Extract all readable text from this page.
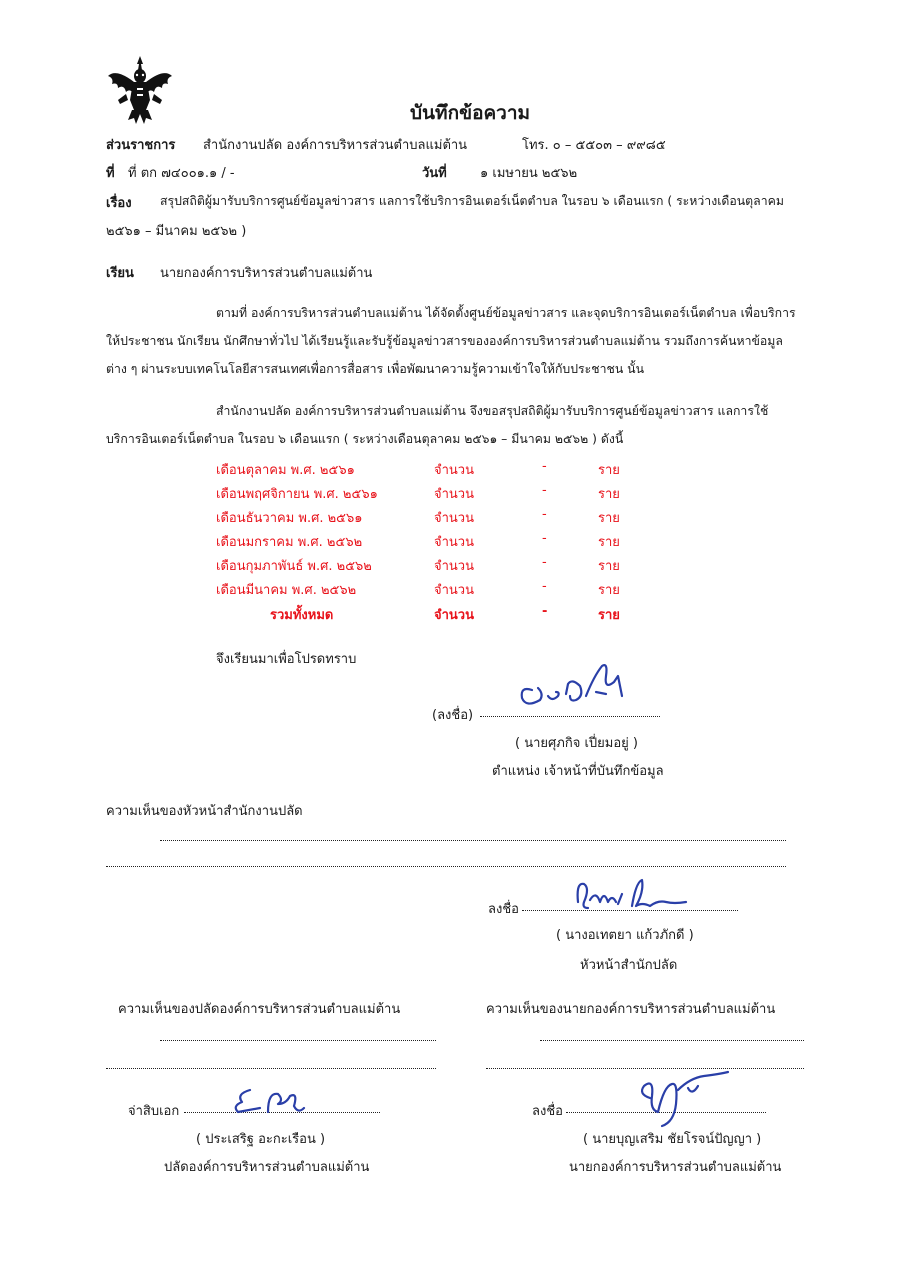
บันทึกข้อความ
ส่วนราชการ สำนักงานปลัด องค์การบริหารส่วนตำบลแม่ต้าน	โทร. ๐ – ๕๕๐๓ – ๙๙๘๕
ที่ ที่ ตก ๗๔๐๐๑.๑ / -	วันที่	๑ เมษายน ๒๕๖๒
เรื่อง สรุปสถิติผู้มารับบริการศูนย์ข้อมูลข่าวสาร แลการใช้บริการอินเตอร์เน็ตตำบล ในรอบ ๖ เดือนแรก ( ระหว่างเดือนตุลาคม
๒๕๖๑ – มีนาคม ๒๕๖๒ )
เรียน นายกองค์การบริหารส่วนตำบลแม่ต้าน
ตามที่ องค์การบริหารส่วนตำบลแม่ต้าน ได้จัดตั้งศูนย์ข้อมูลข่าวสาร และจุดบริการอินเตอร์เน็ตตำบล เพื่อบริการ
ให้ประชาชน นักเรียน นักศึกษาทั่วไป ได้เรียนรู้และรับรู้ข้อมูลข่าวสารขององค์การบริหารส่วนตำบลแม่ต้าน รวมถึงการค้นหาข้อมูล
ต่าง ๆ ผ่านระบบเทคโนโลยีสารสนเทศเพื่อการสื่อสาร เพื่อพัฒนาความรู้ความเข้าใจให้กับประชาชน นั้น
สำนักงานปลัด องค์การบริหารส่วนตำบลแม่ต้าน จึงขอสรุปสถิติผู้มารับบริการศูนย์ข้อมูลข่าวสาร แลการใช้
บริการอินเตอร์เน็ตตำบล ในรอบ ๖ เดือนแรก ( ระหว่างเดือนตุลาคม ๒๕๖๑ – มีนาคม ๒๕๖๒ ) ดังนี้
เดือนตุลาคม พ.ศ. ๒๕๖๑	จำนวน	-	ราย
เดือนพฤศจิกายน พ.ศ. ๒๕๖๑	จำนวน	-	ราย
เดือนธันวาคม พ.ศ. ๒๕๖๑	จำนวน	-	ราย
เดือนมกราคม พ.ศ. ๒๕๖๒	จำนวน	-	ราย
เดือนกุมภาพันธ์ พ.ศ. ๒๕๖๒	จำนวน	-	ราย
เดือนมีนาคม พ.ศ. ๒๕๖๒	จำนวน	-	ราย
รวมทั้งหมด	จำนวน	-	ราย
จึงเรียนมาเพื่อโปรดทราบ
(ลงชื่อ)
( นายศุภกิจ เปี่ยมอยู่ )
ตำแหน่ง เจ้าหน้าที่บันทึกข้อมูล
ความเห็นของหัวหน้าสำนักงานปลัด
ลงชื่อ
( นางอเทตยา แก้วภักดี )
หัวหน้าสำนักปลัด
ความเห็นของปลัดองค์การบริหารส่วนตำบลแม่ต้าน
จ่าสิบเอก
( ประเสริฐ อะกะเรือน )
ปลัดองค์การบริหารส่วนตำบลแม่ต้าน
ความเห็นของนายกองค์การบริหารส่วนตำบลแม่ต้าน
ลงชื่อ
( นายบุญเสริม ชัยโรจน์ปัญญา )
นายกองค์การบริหารส่วนตำบลแม่ต้าน
